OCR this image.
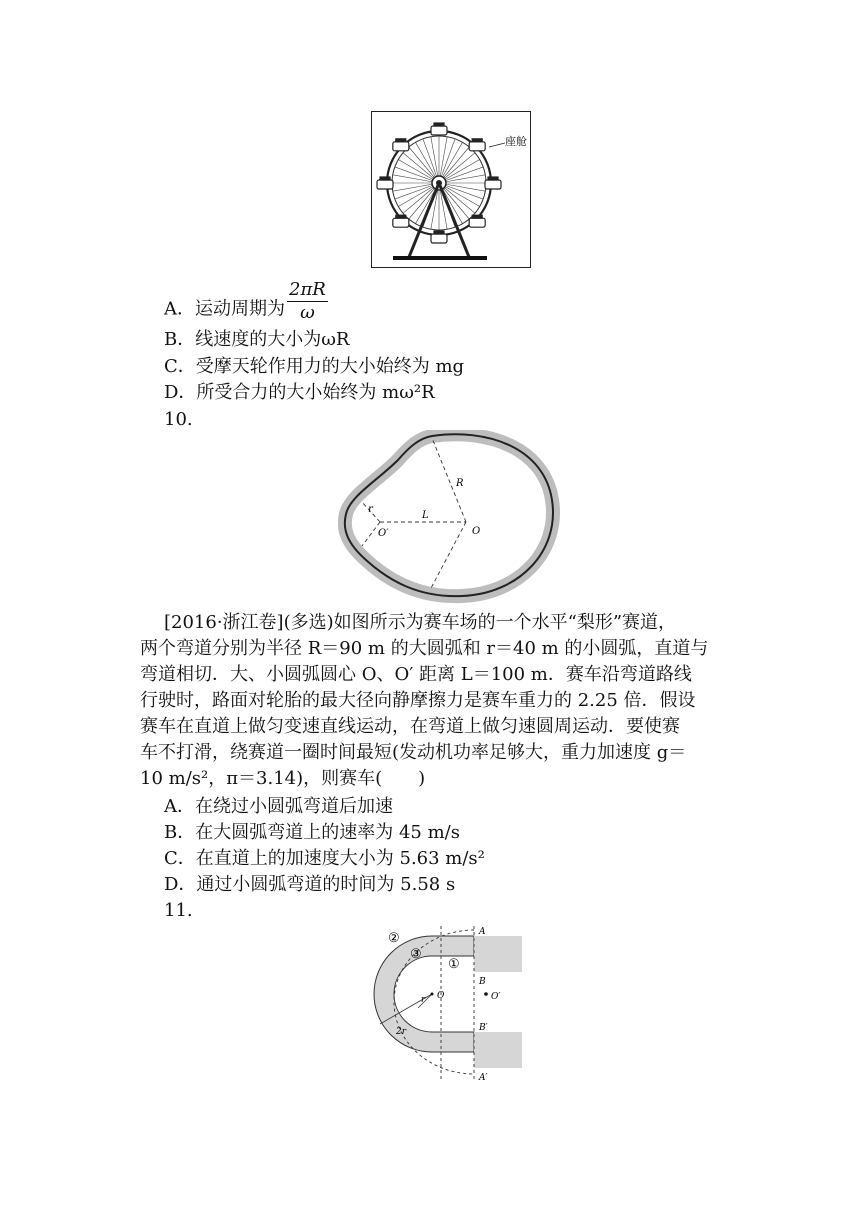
座舱
A．运动周期为 $\frac{2\pi R}{\omega}$
B．线速度的大小为ωR
C．受摩天轮作用力的大小始终为 mg
D．所受合力的大小始终为 mω²R
10.
r
R
L
O
O′
[2016·浙江卷](多选)如图所示为赛车场的一个水平“梨形”赛道，
两个弯道分别为半径 R＝90 m 的大圆弧和 r＝40 m 的小圆弧，直道与
弯道相切．大、小圆弧圆心 O、O′ 距离 L＝100 m．赛车沿弯道路线
行驶时，路面对轮胎的最大径向静摩擦力是赛车重力的 2.25 倍．假设
赛车在直道上做匀变速直线运动，在弯道上做匀速圆周运动．要使赛
车不打滑，绕赛道一圈时间最短(发动机功率足够大，重力加速度 g＝
10 m/s²，π＝3.14)，则赛车(　　)
A．在绕过小圆弧弯道后加速
B．在大圆弧弯道上的速率为 45 m/s
C．在直道上的加速度大小为 5.63 m/s²
D．通过小圆弧弯道的时间为 5.58 s
11.
②
③
①
A
B
O′
B′
A′
O
r
2r
